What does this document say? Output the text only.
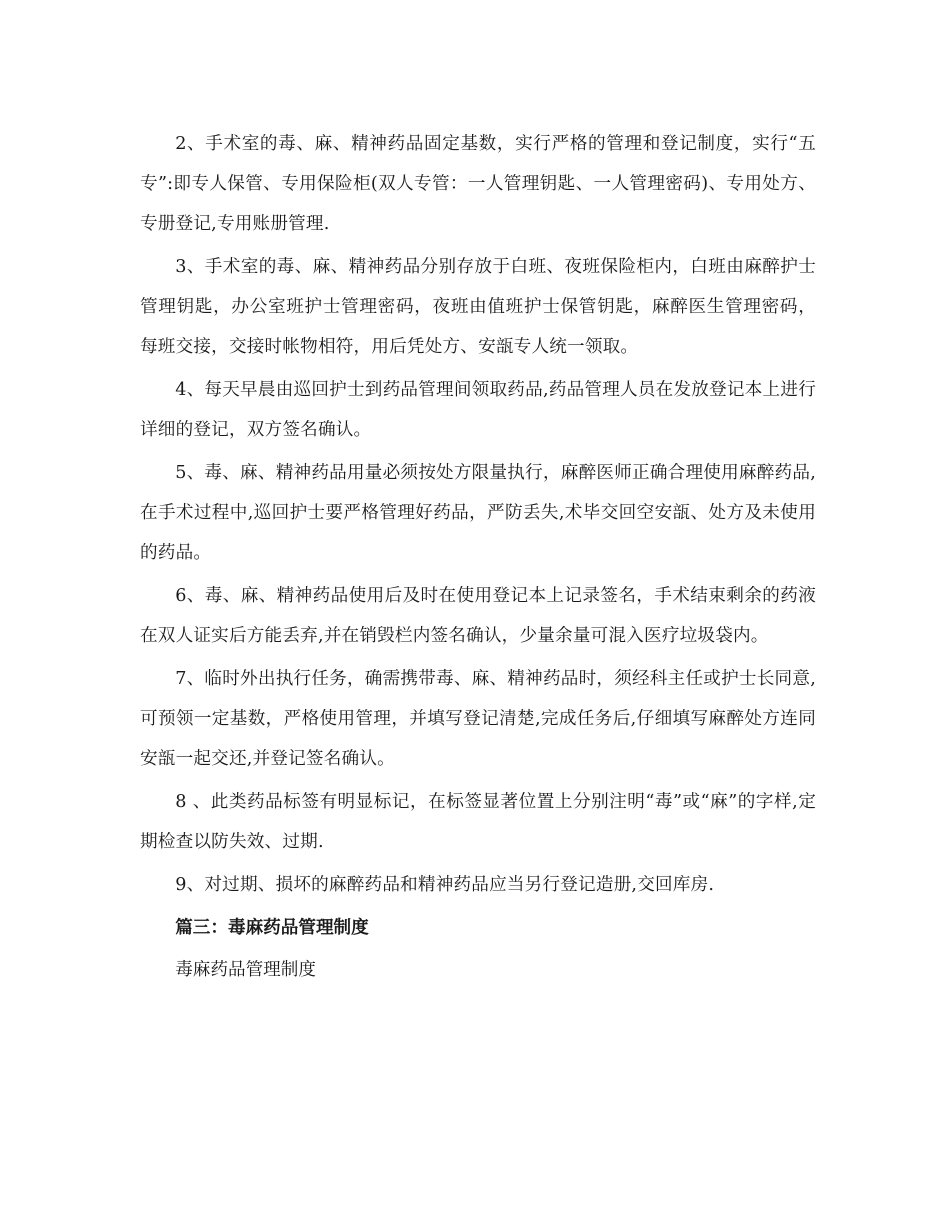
2、手术室的毒、麻、精神药品固定基数，实行严格的管理和登记制度，实行“五专”:即专人保管、专用保险柜(双人专管：一人管理钥匙、一人管理密码)、专用处方、专册登记,专用账册管理.

3、手术室的毒、麻、精神药品分别存放于白班、夜班保险柜内，白班由麻醉护士管理钥匙，办公室班护士管理密码，夜班由值班护士保管钥匙，麻醉医生管理密码，每班交接，交接时帐物相符，用后凭处方、安瓿专人统一领取。

4、每天早晨由巡回护士到药品管理间领取药品,药品管理人员在发放登记本上进行详细的登记，双方签名确认。

5、毒、麻、精神药品用量必须按处方限量执行，麻醉医师正确合理使用麻醉药品,在手术过程中,巡回护士要严格管理好药品，严防丢失,术毕交回空安瓿、处方及未使用的药品。

6、毒、麻、精神药品使用后及时在使用登记本上记录签名，手术结束剩余的药液在双人证实后方能丢弃,并在销毁栏内签名确认，少量余量可混入医疗垃圾袋内。

7、临时外出执行任务，确需携带毒、麻、精神药品时，须经科主任或护士长同意,可预领一定基数，严格使用管理，并填写登记清楚,完成任务后,仔细填写麻醉处方连同安瓿一起交还,并登记签名确认。

8 、此类药品标签有明显标记，在标签显著位置上分别注明“毒”或“麻”的字样,定期检查以防失效、过期.

9、对过期、损坏的麻醉药品和精神药品应当另行登记造册,交回库房.

篇三：毒麻药品管理制度

毒麻药品管理制度
